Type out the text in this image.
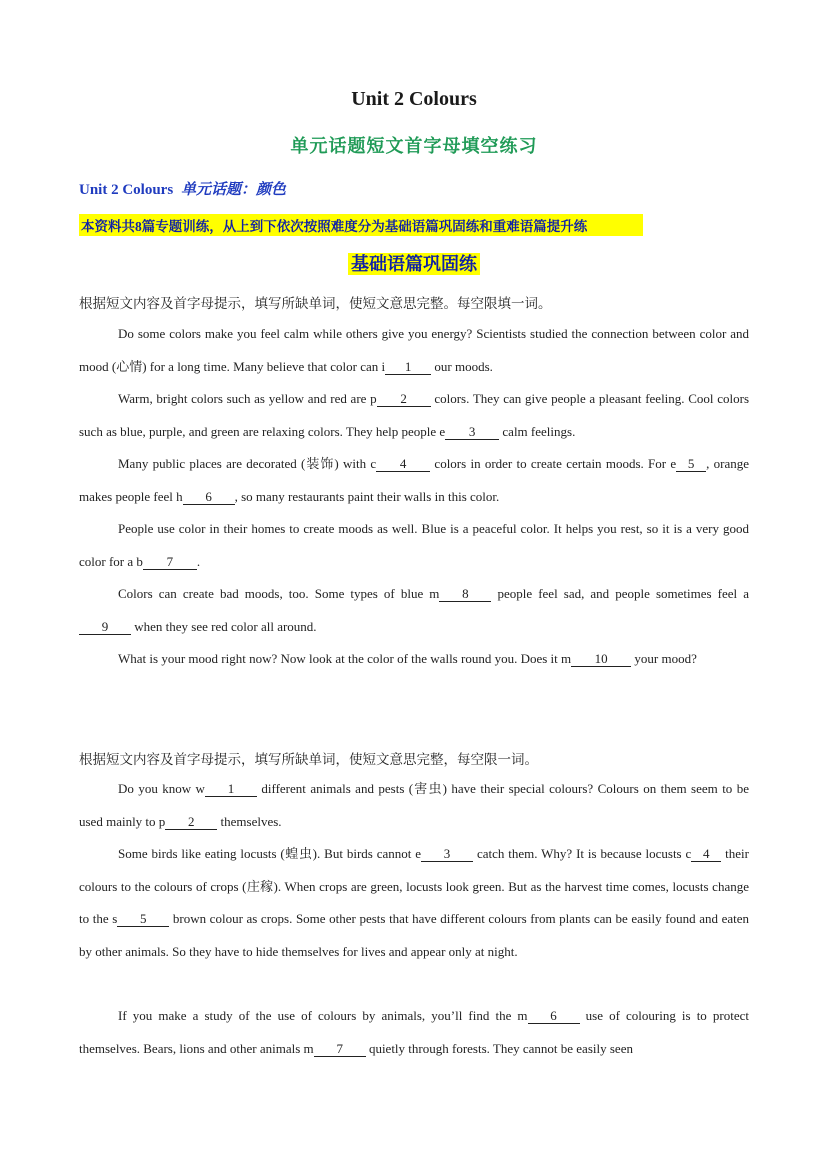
Unit 2 Colours
单元话题短文首字母填空练习
Unit 2 Colours 单元话题：颜色
本资料共8篇专题训练，从上到下依次按照难度分为基础语篇巩固练和重难语篇提升练
基础语篇巩固练
根据短文内容及首字母提示，填写所缺单词，使短文意思完整。每空限填一词。

Do some colors make you feel calm while others give you energy? Scientists studied the connection between color and mood (心情) for a long time. Many believe that color can i 1 our moods.

Warm, bright colors such as yellow and red are p 2 colors. They can give people a pleasant feeling. Cool colors such as blue, purple, and green are relaxing colors. They help people e 3 calm feelings.

Many public places are decorated (装饰) with c 4 colors in order to create certain moods. For e 5 , orange makes people feel h 6 , so many restaurants paint their walls in this color.

People use color in their homes to create moods as well. Blue is a peaceful color. It helps you rest, so it is a very good color for a b 7 .

Colors can create bad moods, too. Some types of blue m 8 people feel sad, and people sometimes feel a9 when they see red color all around.

What is your mood right now? Now look at the color of the walls round you. Does it m 10 your mood?

根据短文内容及首字母提示，填写所缺单词，使短文意思完整，每空限一词。

Do you know w 1 different animals and pests (害虫) have their special colours? Colours on them seem to be used mainly to p 2 themselves.

Some birds like eating locusts (蝗虫). But birds cannot e 3 catch them. Why? It is because locusts c 4 their colours to the colours of crops (庄稼). When crops are green, locusts look green. But as the harvest time comes, locusts change to the s 5 brown colour as crops. Some other pests that have different colours from plants can be easily found and eaten by other animals. So they have to hide themselves for lives and appear only at night.

If you make a study of the use of colours by animals, you’ll find the m 6 use of colouring is to protect themselves. Bears, lions and other animals m 7 quietly through forests. They cannot be easily seen
